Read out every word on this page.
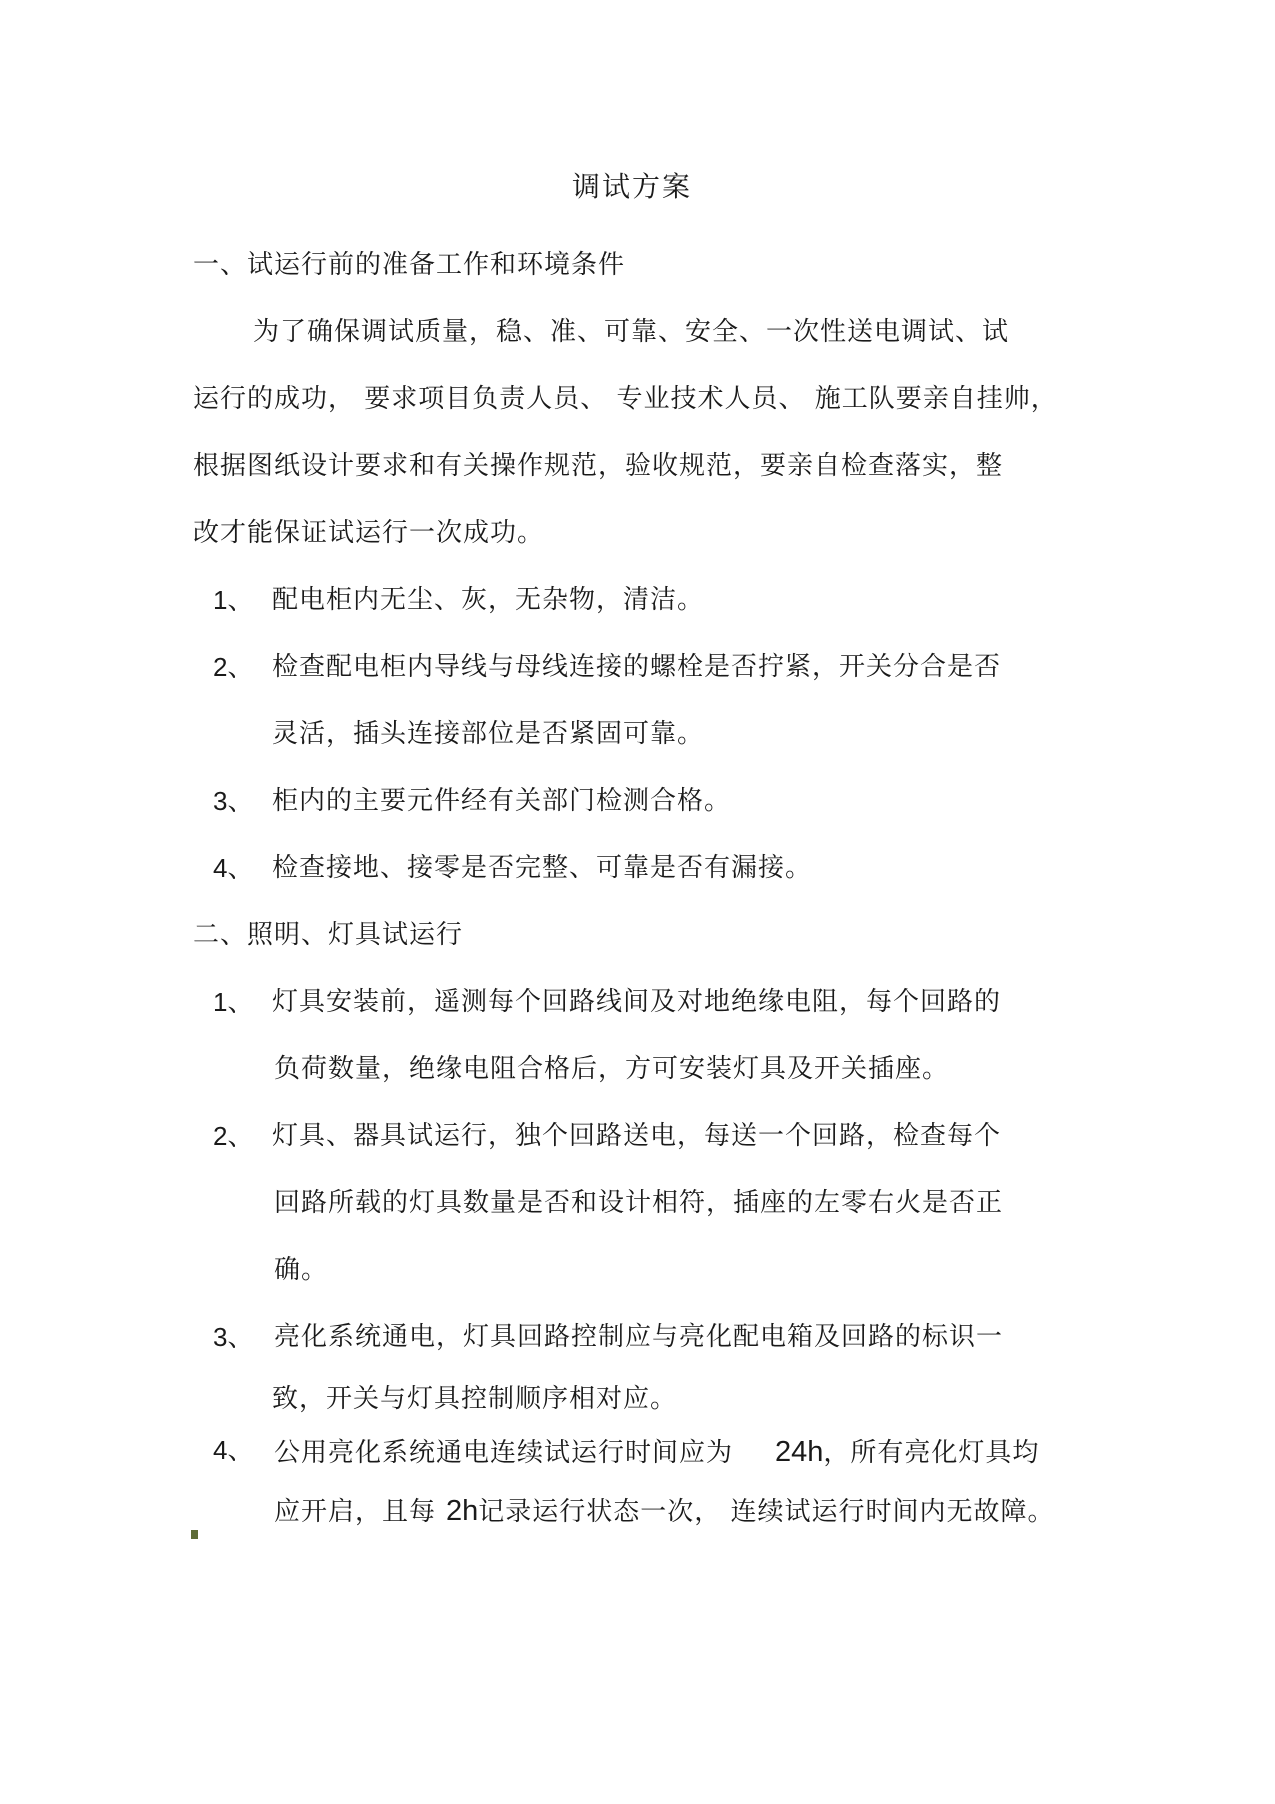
调试方案
一、试运行前的准备工作和环境条件
为了确保调试质量，稳、准、可靠、安全、一次性送电调试、试
运行的成功， 要求项目负责人员、 专业技术人员、 施工队要亲自挂帅，
根据图纸设计要求和有关操作规范，验收规范，要亲自检查落实，整
改才能保证试运行一次成功。
1、 配电柜内无尘、灰，无杂物，清洁。
2、 检查配电柜内导线与母线连接的螺栓是否拧紧，开关分合是否
灵活，插头连接部位是否紧固可靠。
3、 柜内的主要元件经有关部门检测合格。
4、 检查接地、接零是否完整、可靠是否有漏接。
二、照明、灯具试运行
1、 灯具安装前，遥测每个回路线间及对地绝缘电阻，每个回路的
负荷数量，绝缘电阻合格后，方可安装灯具及开关插座。
2、 灯具、器具试运行，独个回路送电，每送一个回路，检查每个
回路所载的灯具数量是否和设计相符，插座的左零右火是否正
确。
3、 亮化系统通电，灯具回路控制应与亮化配电箱及回路的标识一
致，开关与灯具控制顺序相对应。
4、 公用亮化系统通电连续试运行时间应为 24h，所有亮化灯具均
应开启，且每 2h记录运行状态一次， 连续试运行时间内无故障。
